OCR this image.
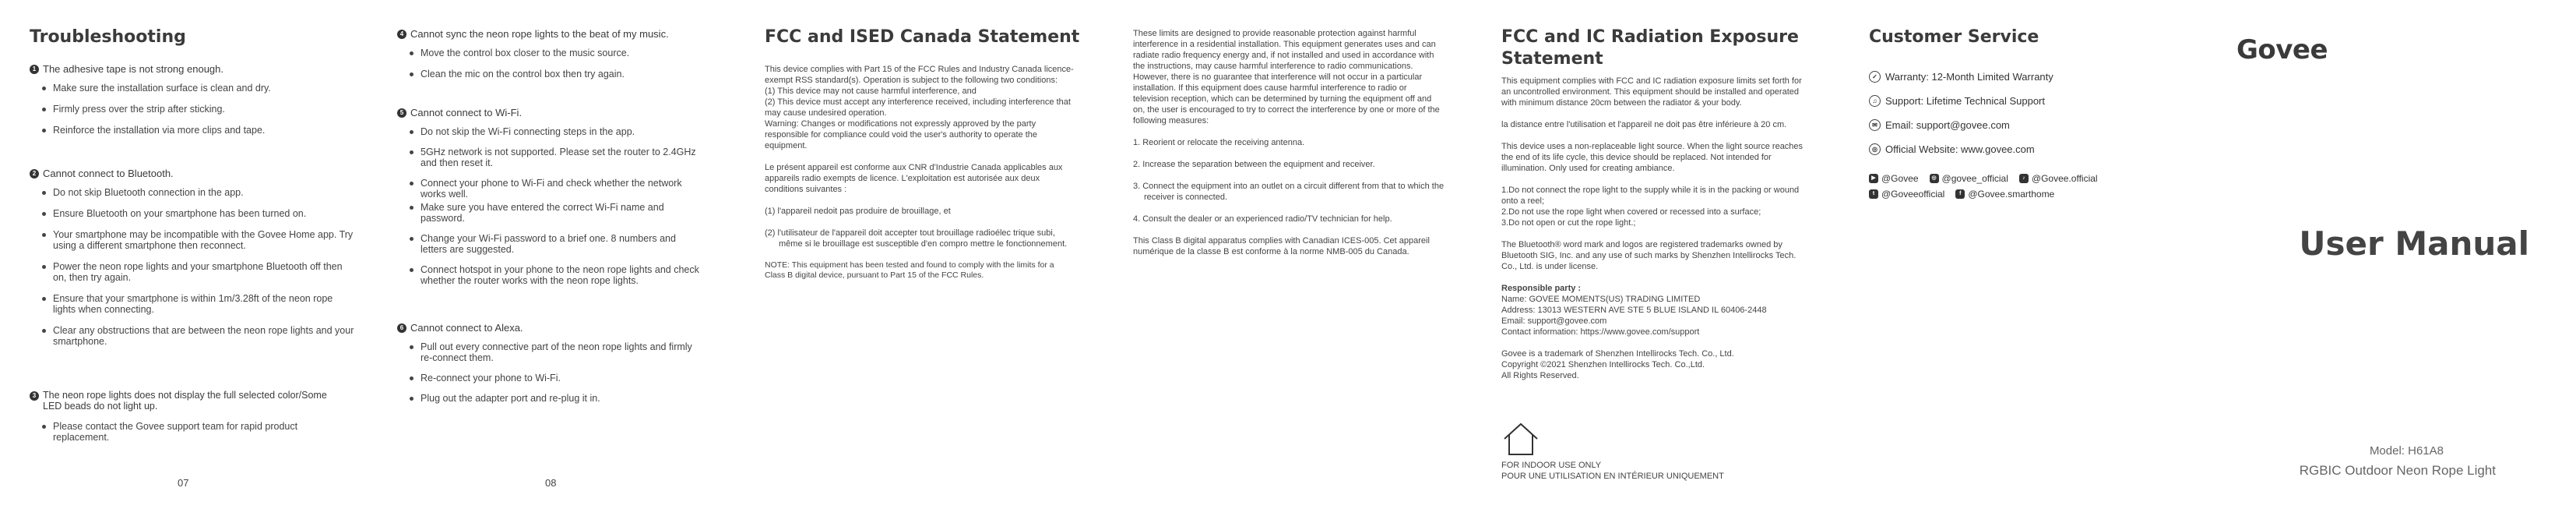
Troubleshooting
1 The adhesive tape is not strong enough.
Make sure the installation surface is clean and dry.
Firmly press over the strip after sticking.
Reinforce the installation via more clips and tape.
2 Cannot connect to Bluetooth.
Do not skip Bluetooth connection in the app.
Ensure Bluetooth on your smartphone has been turned on.
Your smartphone may be incompatible with the Govee Home app. Try using a different smartphone then reconnect.
Power the neon rope lights and your smartphone Bluetooth off then on, then try again.
Ensure that your smartphone is within 1m/3.28ft of the neon rope lights when connecting.
Clear any obstructions that are between the neon rope lights and your smartphone.
3 The neon rope lights does not display the full selected color/Some LED beads do not light up.
Please contact the Govee support team for rapid product replacement.
07
4 Cannot sync the neon rope lights to the beat of my music.
Move the control box closer to the music source.
Clean the mic on the control box then try again.
5 Cannot connect to Wi-Fi.
Do not skip the Wi-Fi connecting steps in the app.
5GHz network is not supported. Please set the router to 2.4GHz and then reset it.
Connect your phone to Wi-Fi and check whether the network works well.
Make sure you have entered the correct Wi-Fi name and password.
Change your Wi-Fi password to a brief one. 8 numbers and letters are suggested.
Connect hotspot in your phone to the neon rope lights and check whether the router works with the neon rope lights.
6 Cannot connect to Alexa.
Pull out every connective part of the neon rope lights and firmly re-connect them.
Re-connect your phone to Wi-Fi.
Plug out the adapter port and re-plug it in.
08
FCC and ISED Canada Statement

This device complies with Part 15 of the FCC Rules and Industry Canada licence-exempt RSS standard(s). Operation is subject to the following two conditions:

(1) This device may not cause harmful interference, and

(2) This device must accept any interference received, including interference that may cause undesired operation.

Warning: Changes or modifications not expressly approved by the party responsible for compliance could void the user's authority to operate the equipment.

Le présent appareil est conforme aux CNR d'Industrie Canada applicables aux appareils radio exempts de licence. L'exploitation est autorisée aux deux conditions suivantes :

(1) l'appareil nedoit pas produire de brouillage, et

(2) l'utilisateur de l'appareil doit accepter tout brouillage radioélec trique subi, même si le brouillage est susceptible d'en compro mettre le fonctionnement.

NOTE: This equipment has been tested and found to comply with the limits for a Class B digital device, pursuant to Part 15 of the FCC Rules.

These limits are designed to provide reasonable protection against harmful interference in a residential installation. This equipment generates uses and can radiate radio frequency energy and, if not installed and used in accordance with the instructions, may cause harmful interference to radio communications. However, there is no guarantee that interference will not occur in a particular installation. If this equipment does cause harmful interference to radio or television reception, which can be determined by turning the equipment off and on, the user is encouraged to try to correct the interference by one or more of the following measures:

1. Reorient or relocate the receiving antenna.

2. Increase the separation between the equipment and receiver.

3. Connect the equipment into an outlet on a circuit different from that to which the receiver is connected.

4. Consult the dealer or an experienced radio/TV technician for help.

This Class B digital apparatus complies with Canadian ICES-005. Cet appareil numérique de la classe B est conforme à la norme NMB-005 du Canada.

FCC and IC Radiation Exposure Statement

This equipment complies with FCC and IC radiation exposure limits set forth for an uncontrolled environment. This equipment should be installed and operated with minimum distance 20cm between the radiator & your body.

la distance entre l'utilisation et l'appareil ne doit pas être inférieure à 20 cm.

This device uses a non-replaceable light source. When the light source reaches the end of its life cycle, this device should be replaced. Not intended for illumination. Only used for creating ambiance.

1.Do not connect the rope light to the supply while it is in the packing or wound onto a reel;

2.Do not use the rope light when covered or recessed into a surface;

3.Do not open or cut the rope light.;

The Bluetooth® word mark and logos are registered trademarks owned by Bluetooth SIG, Inc. and any use of such marks by Shenzhen Intellirocks Tech. Co., Ltd. is under license.

Responsible party :

Name: GOVEE MOMENTS(US) TRADING LIMITED

Address: 13013 WESTERN AVE STE 5 BLUE ISLAND IL 60406-2448

Email: support@govee.com

Contact information: https://www.govee.com/support

Govee is a trademark of Shenzhen Intellirocks Tech. Co., Ltd.

Copyright ©2021 Shenzhen Intellirocks Tech. Co.,Ltd.

All Rights Reserved.

FOR INDOOR USE ONLY

POUR UNE UTILISATION EN INTÉRIEUR UNIQUEMENT

Customer Service
✓ Warranty: 12-Month Limited Warranty
♫ Support: Lifetime Technical Support
✉ Email: support@govee.com
◎ Official Website: www.govee.com
▶ @Govee	◎ @govee_official	♪ @Govee.official
t @Goveeofficial	f @Govee.smarthome
Govee
User Manual
Model: H61A8
RGBIC Outdoor Neon Rope Light
